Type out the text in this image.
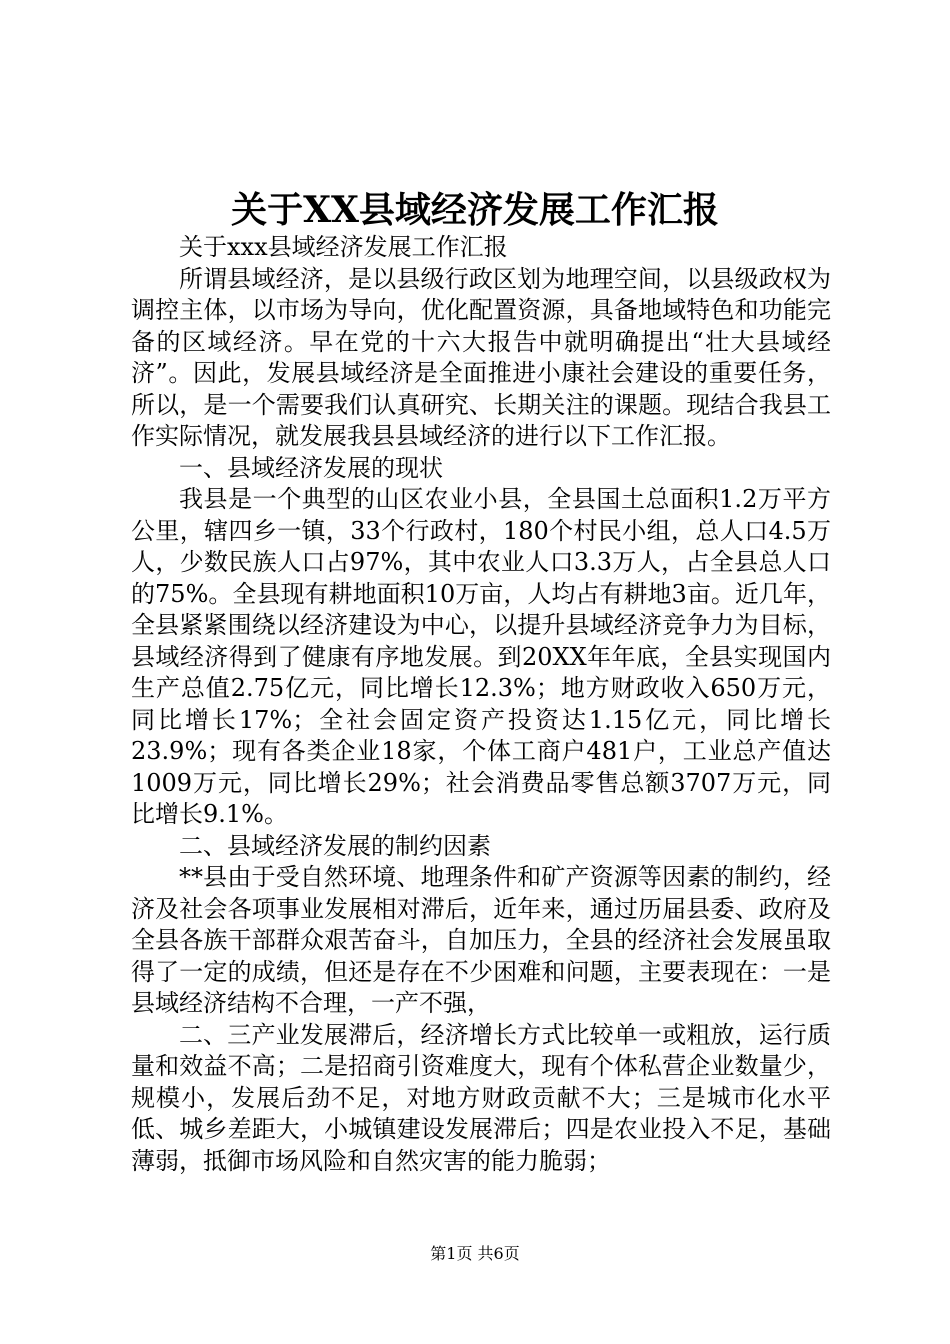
关于XX县域经济发展工作汇报

关于xxx县域经济发展工作汇报

所谓县域经济，是以县级行政区划为地理空间，以县级政权为调控主体，以市场为导向，优化配置资源，具备地域特色和功能完备的区域经济。早在党的十六大报告中就明确提出“壮大县域经济”。因此，发展县域经济是全面推进小康社会建设的重要任务，所以，是一个需要我们认真研究、长期关注的课题。现结合我县工作实际情况，就发展我县县域经济的进行以下工作汇报。

一、县域经济发展的现状

我县是一个典型的山区农业小县，全县国土总面积1.2万平方公里，辖四乡一镇，33个行政村，180个村民小组，总人口4.5万人，少数民族人口占97%，其中农业人口3.3万人，占全县总人口的75%。全县现有耕地面积10万亩，人均占有耕地3亩。近几年，全县紧紧围绕以经济建设为中心，以提升县域经济竞争力为目标，县域经济得到了健康有序地发展。到20XX年年底，全县实现国内生产总值2.75亿元，同比增长12.3%；地方财政收入650万元，同比增长17%；全社会固定资产投资达1.15亿元，同比增长23.9%；现有各类企业18家，个体工商户481户，工业总产值达1009万元，同比增长29%；社会消费品零售总额3707万元，同比增长9.1%。

二、县域经济发展的制约因素

**县由于受自然环境、地理条件和矿产资源等因素的制约，经济及社会各项事业发展相对滞后，近年来，通过历届县委、政府及全县各族干部群众艰苦奋斗，自加压力，全县的经济社会发展虽取得了一定的成绩，但还是存在不少困难和问题，主要表现在：一是县域经济结构不合理，一产不强，

二、三产业发展滞后，经济增长方式比较单一或粗放，运行质量和效益不高；二是招商引资难度大，现有个体私营企业数量少，规模小，发展后劲不足，对地方财政贡献不大；三是城市化水平低、城乡差距大，小城镇建设发展滞后；四是农业投入不足，基础薄弱，抵御市场风险和自然灾害的能力脆弱；

第1页 共6页
